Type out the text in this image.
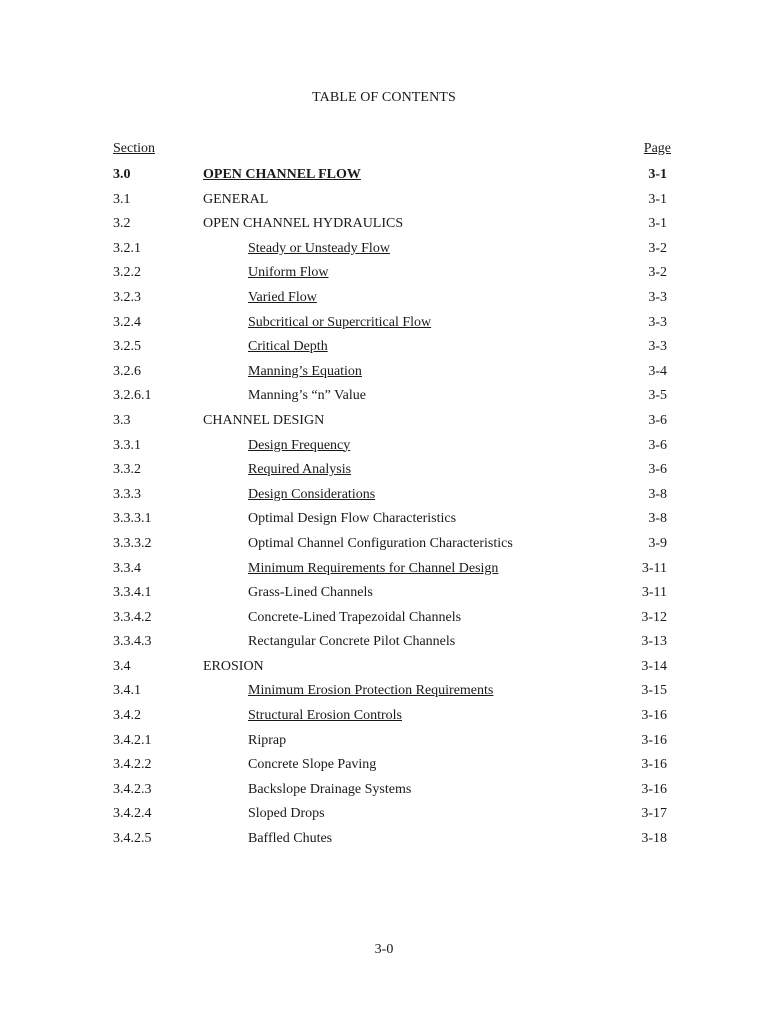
TABLE OF CONTENTS
Section	Page
3.0	OPEN CHANNEL FLOW	3-1
3.1	GENERAL	3-1
3.2	OPEN CHANNEL HYDRAULICS	3-1
3.2.1	Steady or Unsteady Flow	3-2
3.2.2	Uniform Flow	3-2
3.2.3	Varied Flow	3-3
3.2.4	Subcritical or Supercritical Flow	3-3
3.2.5	Critical Depth	3-3
3.2.6	Manning’s Equation	3-4
3.2.6.1	Manning’s “n” Value	3-5
3.3	CHANNEL DESIGN	3-6
3.3.1	Design Frequency	3-6
3.3.2	Required Analysis	3-6
3.3.3	Design Considerations	3-8
3.3.3.1	Optimal Design Flow Characteristics	3-8
3.3.3.2	Optimal Channel Configuration Characteristics	3-9
3.3.4	Minimum Requirements for Channel Design	3-11
3.3.4.1	Grass-Lined Channels	3-11
3.3.4.2	Concrete-Lined Trapezoidal Channels	3-12
3.3.4.3	Rectangular Concrete Pilot Channels	3-13
3.4	EROSION	3-14
3.4.1	Minimum Erosion Protection Requirements	3-15
3.4.2	Structural Erosion Controls	3-16
3.4.2.1	Riprap	3-16
3.4.2.2	Concrete Slope Paving	3-16
3.4.2.3	Backslope Drainage Systems	3-16
3.4.2.4	Sloped Drops	3-17
3.4.2.5	Baffled Chutes	3-18
3-0
